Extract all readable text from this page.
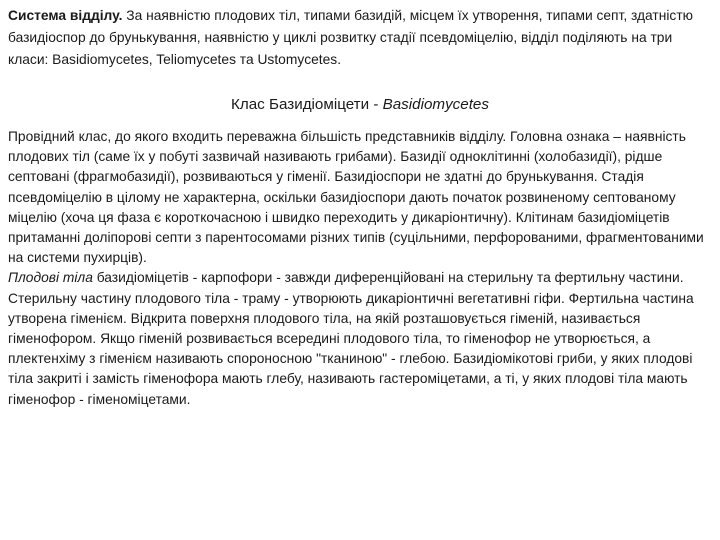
Система відділу. За наявністю плодових тіл, типами базидій, місцем їх утворення, типами септ, здатністю базидіоспор до брунькування, наявністю у циклі розвитку стадії псевдоміцелію, відділ поділяють на три класи: Basidiomycetes, Teliomycetes та Ustomycetes.

Клас Базидіоміцети - Basidiomycetes

Провідний клас, до якого входить переважна більшість представників відділу. Головна ознака – наявність плодових тіл (саме їх у побуті зазвичай називають грибами). Базидії одноклітинні (холобазидії), рідше септовані (фрагмобазидії), розвиваються у гіменії. Базидіоспори не здатні до брунькування. Стадія псевдоміцелію в цілому не характерна, оскільки базидіоспори дають початок розвиненому септованому міцелію (хоча ця фаза є короткочасною і швидко переходить у дикаріонтичну). Клітинам базидіоміцетів притаманні доліпорові септи з парентосомами різних типів (суцільними, перфорованими, фрагментованими на системи пухирців).

Плодові тіла базидіоміцетів - карпофори - завжди диференційовані на стерильну та фертильну частини. Стерильну частину плодового тіла - траму - утворюють дикаріонтичні вегетативні гіфи. Фертильна частина утворена гіменієм. Відкрита поверхня плодового тіла, на якій розташовується гіменій, називається гіменофором. Якщо гіменій розвивається всередині плодового тіла, то гіменофор не утворюється, а плектенхіму з гіменієм називають спороносною "тканиною" - глебою. Базидіомікотові гриби, у яких плодові тіла закриті і замість гіменофора мають глебу, називають гастероміцетами, а ті, у яких плодові тіла мають гіменофор - гіменоміцетами.
